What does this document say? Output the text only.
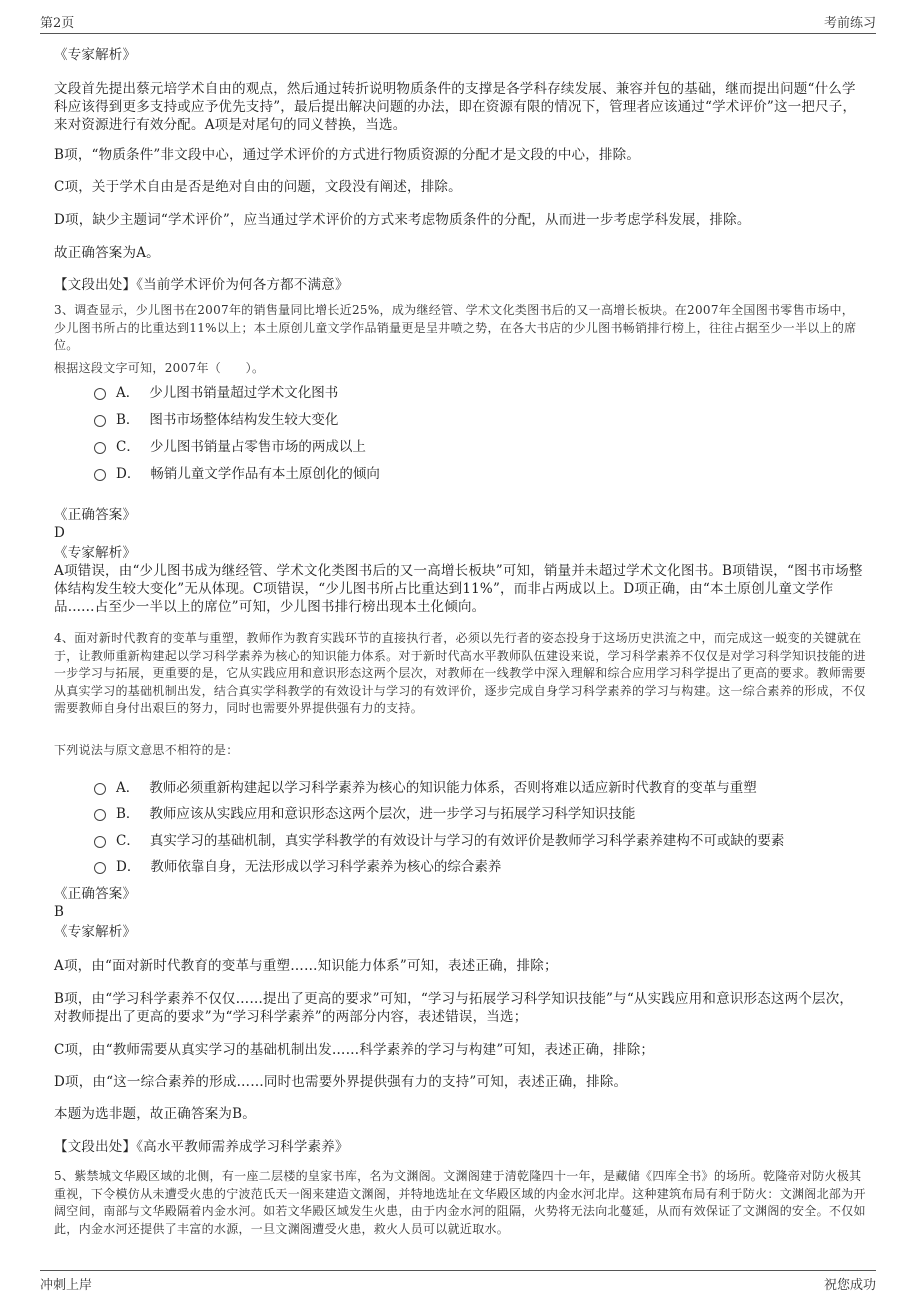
第2页	考前练习
《专家解析》
文段首先提出蔡元培学术自由的观点，然后通过转折说明物质条件的支撑是各学科存续发展、兼容并包的基础，继而提出问题“什么学科应该得到更多支持或应予优先支持”，最后提出解决问题的办法，即在资源有限的情况下，管理者应该通过“学术评价”这一把尺子，来对资源进行有效分配。A项是对尾句的同义替换，当选。
B项，“物质条件”非文段中心，通过学术评价的方式进行物质资源的分配才是文段的中心，排除。
C项，关于学术自由是否是绝对自由的问题，文段没有阐述，排除。
D项，缺少主题词“学术评价”，应当通过学术评价的方式来考虑物质条件的分配，从而进一步考虑学科发展，排除。
故正确答案为A。
【文段出处】《当前学术评价为何各方都不满意》
3、调查显示，少儿图书在2007年的销售量同比增长近25%，成为继经管、学术文化类图书后的又一高增长板块。在2007年全国图书零售市场中，少儿图书所占的比重达到11%以上；本土原创儿童文学作品销量更是呈井喷之势，在各大书店的少儿图书畅销排行榜上，往往占据至少一半以上的席位。
根据这段文字可知，2007年（　　）。
A． 少儿图书销量超过学术文化图书
B． 图书市场整体结构发生较大变化
C． 少儿图书销量占零售市场的两成以上
D． 畅销儿童文学作品有本土原创化的倾向
《正确答案》
D
《专家解析》
A项错误，由“少儿图书成为继经管、学术文化类图书后的又一高增长板块”可知，销量并未超过学术文化图书。B项错误，“图书市场整体结构发生较大变化”无从体现。C项错误，“少儿图书所占比重达到11%”，而非占两成以上。D项正确，由“本土原创儿童文学作品......占至少一半以上的席位”可知，少儿图书排行榜出现本土化倾向。
4、面对新时代教育的变革与重塑，教师作为教育实践环节的直接执行者，必须以先行者的姿态投身于这场历史洪流之中，而完成这一蜕变的关键就在于，让教师重新构建起以学习科学素养为核心的知识能力体系。对于新时代高水平教师队伍建设来说，学习科学素养不仅仅是对学习科学知识技能的进一步学习与拓展，更重要的是，它从实践应用和意识形态这两个层次，对教师在一线教学中深入理解和综合应用学习科学提出了更高的要求。教师需要从真实学习的基础机制出发，结合真实学科教学的有效设计与学习的有效评价，逐步完成自身学习科学素养的学习与构建。这一综合素养的形成，不仅需要教师自身付出艰巨的努力，同时也需要外界提供强有力的支持。
下列说法与原文意思不相符的是：
A． 教师必须重新构建起以学习科学素养为核心的知识能力体系，否则将难以适应新时代教育的变革与重塑
B． 教师应该从实践应用和意识形态这两个层次，进一步学习与拓展学习科学知识技能
C． 真实学习的基础机制，真实学科教学的有效设计与学习的有效评价是教师学习科学素养建构不可或缺的要素
D． 教师依靠自身，无法形成以学习科学素养为核心的综合素养
《正确答案》
B
《专家解析》
A项，由“面对新时代教育的变革与重塑……知识能力体系”可知，表述正确，排除；
B项，由“学习科学素养不仅仅……提出了更高的要求”可知，“学习与拓展学习科学知识技能”与“从实践应用和意识形态这两个层次，对教师提出了更高的要求”为“学习科学素养”的两部分内容，表述错误，当选；
C项，由“教师需要从真实学习的基础机制出发……科学素养的学习与构建”可知，表述正确，排除；
D项，由“这一综合素养的形成……同时也需要外界提供强有力的支持”可知，表述正确，排除。
本题为选非题，故正确答案为B。
【文段出处】《高水平教师需养成学习科学素养》
5、紫禁城文华殿区域的北侧，有一座二层楼的皇家书库，名为文渊阁。文渊阁建于清乾隆四十一年，是藏储《四库全书》的场所。乾隆帝对防火极其重视，下令模仿从未遭受火患的宁波范氏天一阁来建造文渊阁，并特地选址在文华殿区域的内金水河北岸。这种建筑布局有利于防火：文渊阁北部为开阔空间，南部与文华殿隔着内金水河。如若文华殿区域发生火患，由于内金水河的阻隔，火势将无法向北蔓延，从而有效保证了文渊阁的安全。不仅如此，内金水河还提供了丰富的水源，一旦文渊阁遭受火患，救火人员可以就近取水。
冲刺上岸	祝您成功
